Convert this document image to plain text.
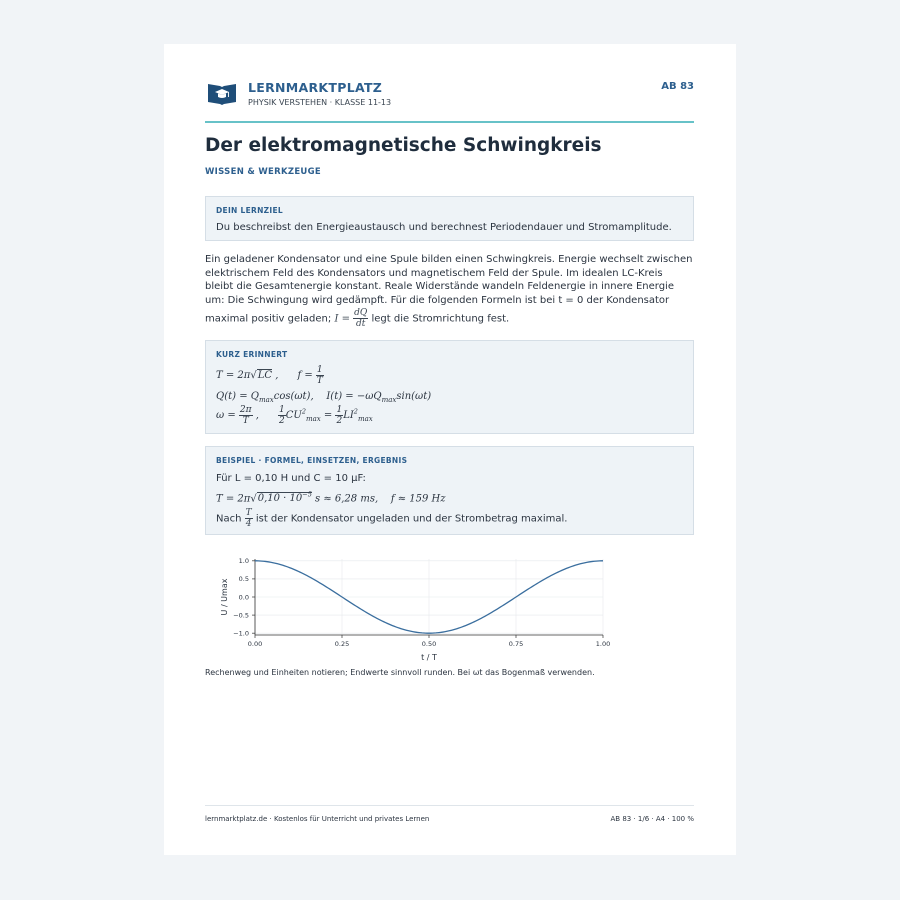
LERNMARKTPLATZ
PHYSIK VERSTEHEN · KLASSE 11-13
AB 83
Der elektromagnetische Schwingkreis
WISSEN & WERKZEUGE
DEIN LERNZIEL
Du beschreibst den Energieaustausch und berechnest Periodendauer und Stromamplitude.
Ein geladener Kondensator und eine Spule bilden einen Schwingkreis. Energie wechselt zwischen elektrischem Feld des Kondensators und magnetischem Feld der Spule. Im idealen LC-Kreis bleibt die Gesamtenergie konstant. Reale Widerstände wandeln Feldenergie in innere Energie um: Die Schwingung wird gedämpft. Für die folgenden Formeln ist bei t = 0 der Kondensator maximal positiv geladen; $I = \frac{dQ}{dt}$ legt die Stromrichtung fest.
KURZ ERINNERT
T = 2π√LC ,      $f = \frac{1}{T}$
$Q(t) = Q_{max}\cos(\omega t)$,    $I(t) = -\omega Q_{max}\sin(\omega t)$
$\omega = \frac{2\pi}{T}$ , $\frac{1}{2} CU^2_{max} = \frac{1}{2} LI^2_{max}$
BEISPIEL · FORMEL, EINSETZEN, ERGEBNIS
Für L = 0,10 H und C = 10 µF:
$T = 2\pi√0,10 \cdot 10^{-5}$ s ≈ 6,28 ms,    f ≈ 159 Hz
Nach $\frac{T}{4}$ ist der Kondensator ungeladen und der Strombetrag maximal.
0.00	0.25	0.50	0.75	1.00
1.0
0.5
0.0
−0.5
−1.0
t / T
U / Umax
Rechenweg und Einheiten notieren; Endwerte sinnvoll runden. Bei ωt das Bogenmaß verwenden.
lernmarktplatz.de · Kostenlos für Unterricht und privates Lernen	AB 83 · 1/6 · A4 · 100 %
